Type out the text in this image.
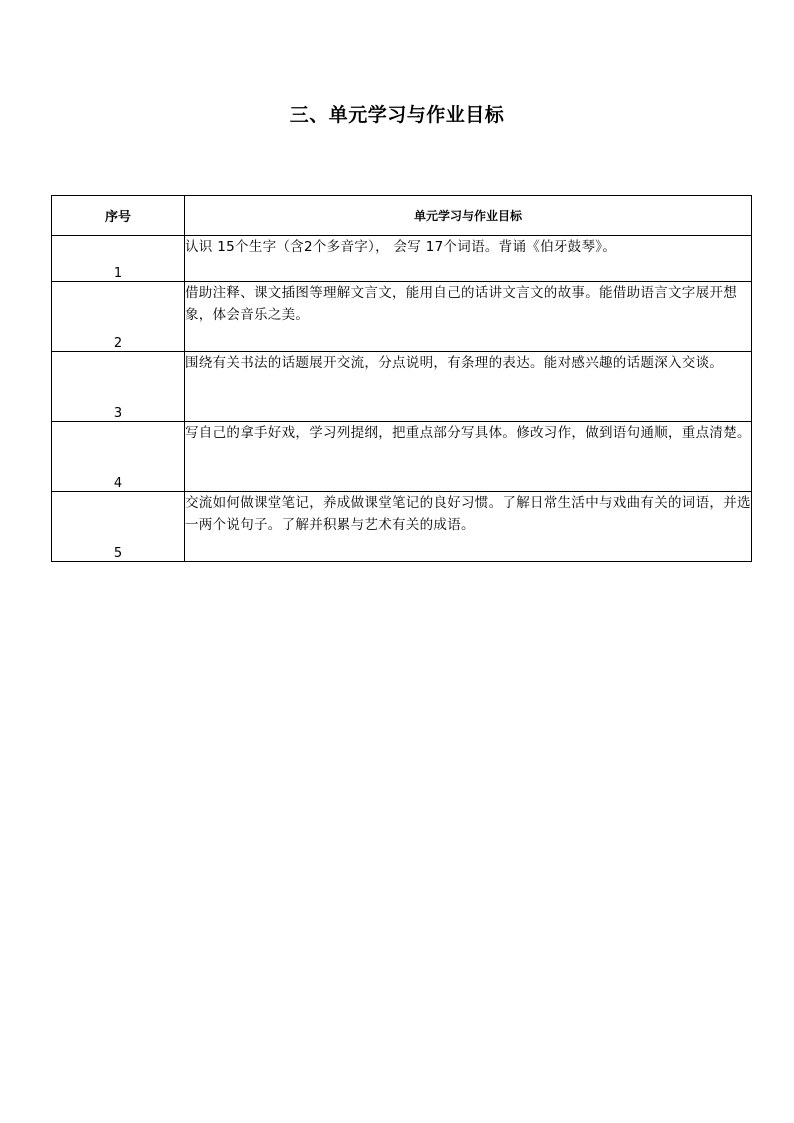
三、单元学习与作业目标
序号	单元学习与作业目标
1	认识 15个生字（含2个多音字）， 会写 17个词语。背诵《伯牙鼓琴》。
2	借助注释、课文插图等理解文言文，能用自己的话讲文言文的故事。能借助语言文字展开想象，体会音乐之美。
3	围绕有关书法的话题展开交流，分点说明，有条理的表达。能对感兴趣的话题深入交谈。
4	写自己的拿手好戏，学习列提纲，把重点部分写具体。修改习作，做到语句通顺，重点清楚。
5	交流如何做课堂笔记，养成做课堂笔记的良好习惯。了解日常生活中与戏曲有关的词语，并选一两个说句子。了解并积累与艺术有关的成语。
